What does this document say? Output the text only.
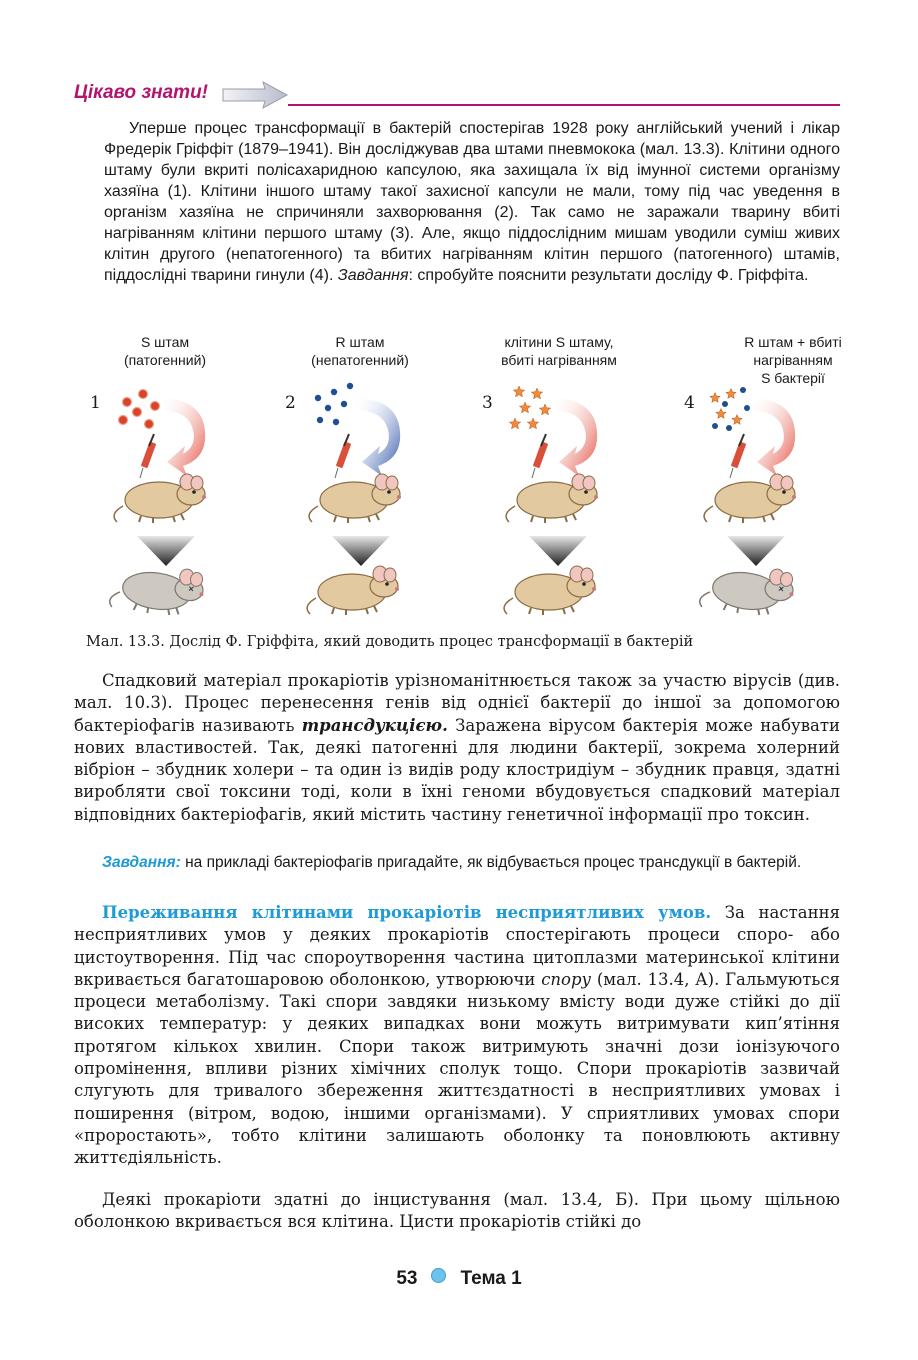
Цікаво знати!

Уперше процес трансформації в бактерій спостерігав 1928 року англійський учений і лікар Фредерік Гріффіт (1879–1941). Він досліджував два штами пневмокока (мал. 13.3). Клітини одного штаму були вкриті полісахаридною капсулою, яка захищала їх від імунної системи організму хазяїна (1). Клітини іншого штаму такої захисної капсули не мали, тому під час уведення в організм хазяїна не спричиняли захворювання (2). Так само не заражали тварину вбиті нагріванням клітини першого штаму (3). Але, якщо піддослідним мишам уводили суміш живих клітин другого (непатогенного) та вбитих нагріванням клітин першого (патогенного) штамів, піддослідні тварини гинули (4). Завдання: спробуйте пояснити результати досліду Ф. Гріффіта.

S штам
(патогенний)
1
R штам
(непатогенний)
2
клітини S штаму,
вбиті нагріванням
3
R штам + вбиті
нагріванням
S бактерії
4
Мал. 13.3. Дослід Ф. Гріффіта, який доводить процес трансформації в бактерій

Спадковий матеріал прокаріотів урізноманітнюється також за участю вірусів (див. мал. 10.3). Процес перенесення генів від однієї бактерії до іншої за допомогою бактеріофагів називають трансдукцією. Заражена вірусом бактерія може набувати нових властивостей. Так, деякі патогенні для людини бактерії, зокрема холерний вібріон – збудник холери – та один із видів роду клостридіум – збудник правця, здатні виробляти свої токсини тоді, коли в їхні геноми вбудовується спадковий матеріал відповідних бактеріофагів, який містить частину генетичної інформації про токсин.

Завдання: на прикладі бактеріофагів пригадайте, як відбувається процес трансдукції в бактерій.

Переживання клітинами прокаріотів несприятливих умов. За настання несприятливих умов у деяких прокаріотів спостерігають процеси споро- або цистоутворення. Під час спороутворення частина цитоплазми материнської клітини вкривається багатошаровою оболонкою, утворюючи спору (мал. 13.4, А). Гальмуються процеси метаболізму. Такі спори завдяки низькому вмісту води дуже стійкі до дії високих температур: у деяких випадках вони можуть витримувати кип’ятіння протягом кількох хвилин. Спори також витримують значні дози іонізуючого опромінення, впливи різних хімічних сполук тощо. Спори прокаріотів зазвичай слугують для тривалого збереження життєздатності в несприятливих умовах і поширення (вітром, водою, іншими організмами). У сприятливих умовах спори «проростають», тобто клітини залишають оболонку та поновлюють активну життєдіяльність.

Деякі прокаріоти здатні до інцистування (мал. 13.4, Б). При цьому щільною оболонкою вкривається вся клітина. Цисти прокаріотів стійкі до

53 Тема 1
